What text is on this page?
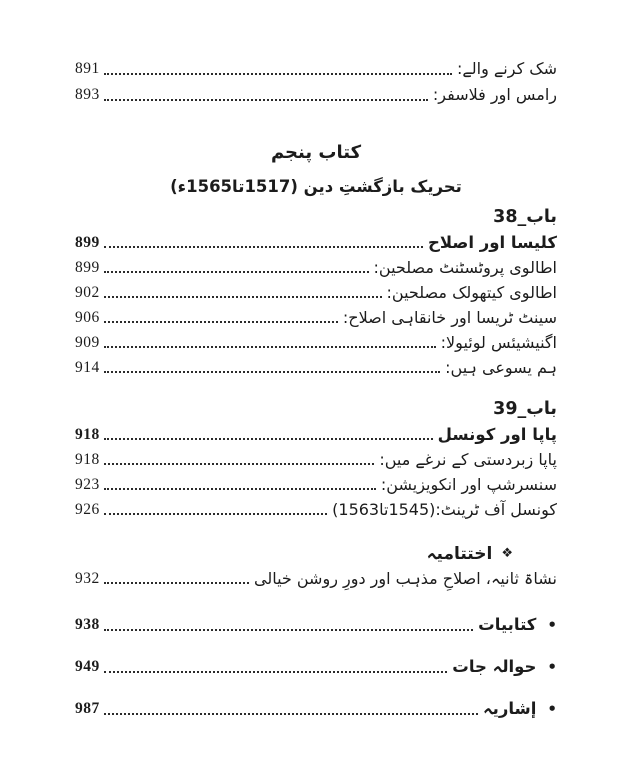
شک کرنے والے:
891
رامس اور فلاسفر:
893
کتاب پنجم
تحریک بازگشتِ دین (1517تا1565ء)
باب_38
کلیسا اور اصلاح
899
اطالوی پروٹسٹنٹ مصلحین:
899
اطالوی کیتھولک مصلحین:
902
سینٹ ٹریسا اور خانقاہی اصلاح:
906
اگنیشیئس لوئیولا:
909
ہم یسوعی ہیں:
914
باب_39
پاپا اور کونسل
918
پاپا زبردستی کے نرغے میں:
918
سنسرشپ اور انکویزیشن:
923
کونسل آف ٹرینٹ:(1545تا1563)
926
❖
اختتامیہ
نشاۃ ثانیہ، اصلاحِ مذہب اور دورِ روشن خیالی
932
•
کتابیات
938
•
حوالہ جات
949
•
إشاریہ
987
